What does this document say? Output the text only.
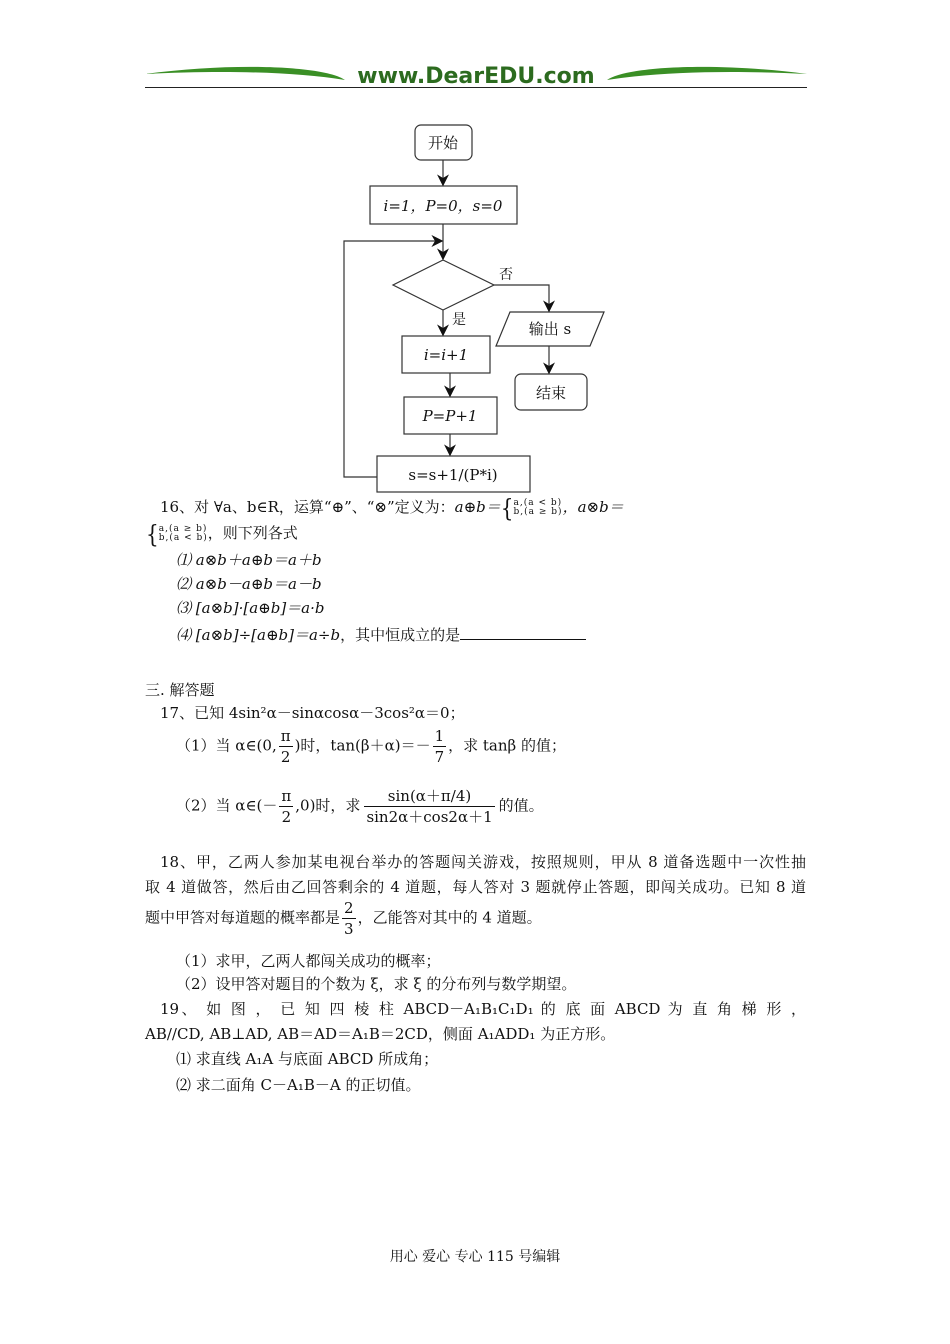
www.DearEDU.com
开始
i=1，P=0，s=0
否
是	输出 s
结束
i=i+1
P=P+1
s=s+1/(P*i)
16、对 ∀a、b∈R，运算“⊕”、“⊗”定义为：a⊕b＝{a,(a < b)
b,(a ≥ b)，a⊗b＝
{a,(a ≥ b)
b,(a < b)，则下列各式
⑴ a⊗b＋a⊕b＝a＋b
⑵ a⊗b－a⊕b＝a－b
⑶ [a⊗b]·[a⊕b]＝a·b
⑷ [a⊗b]÷[a⊕b]＝a÷b，其中恒成立的是
三. 解答题
17、已知 4sin²α－sinαcosα－3cos²α＝0；
（1）当 α∈(0, $\frac{\pi}{2}$ )时，$\tan(\beta+\alpha)=- \frac{1}{7}$ ，求 tanβ 的值；
（2）当 α∈(－ $\frac{\pi}{2} ,0$)时，求 $\frac{\sin(\alpha+\pi/4)}{\sin 2\alpha+\cos 2\alpha+1}$ 的值。
18、甲，乙两人参加某电视台举办的答题闯关游戏，按照规则，甲从 8 道备选题中一次性抽
取 4 道做答，然后由乙回答剩余的 4 道题，每人答对 3 题就停止答题，即闯关成功。已知 8 道
题中甲答对每道题的概率都是 $\frac{2}{3}$ ，乙能答对其中的 4 道题。
（1）求甲，乙两人都闯关成功的概率；
（2）设甲答对题目的个数为 ξ，求 ξ 的分布列与数学期望。
19、 如 图 ， 已 知 四 棱 柱 ABCD－A₁B₁C₁D₁ 的 底 面 ABCD 为 直 角 梯 形 ，
AB//CD, AB⊥AD, AB＝AD＝A₁B＝2CD，侧面 A₁ADD₁ 为正方形。
⑴ 求直线 A₁A 与底面 ABCD 所成角；
⑵ 求二面角 C－A₁B－A 的正切值。
用心 爱心 专心 115 号编辑
